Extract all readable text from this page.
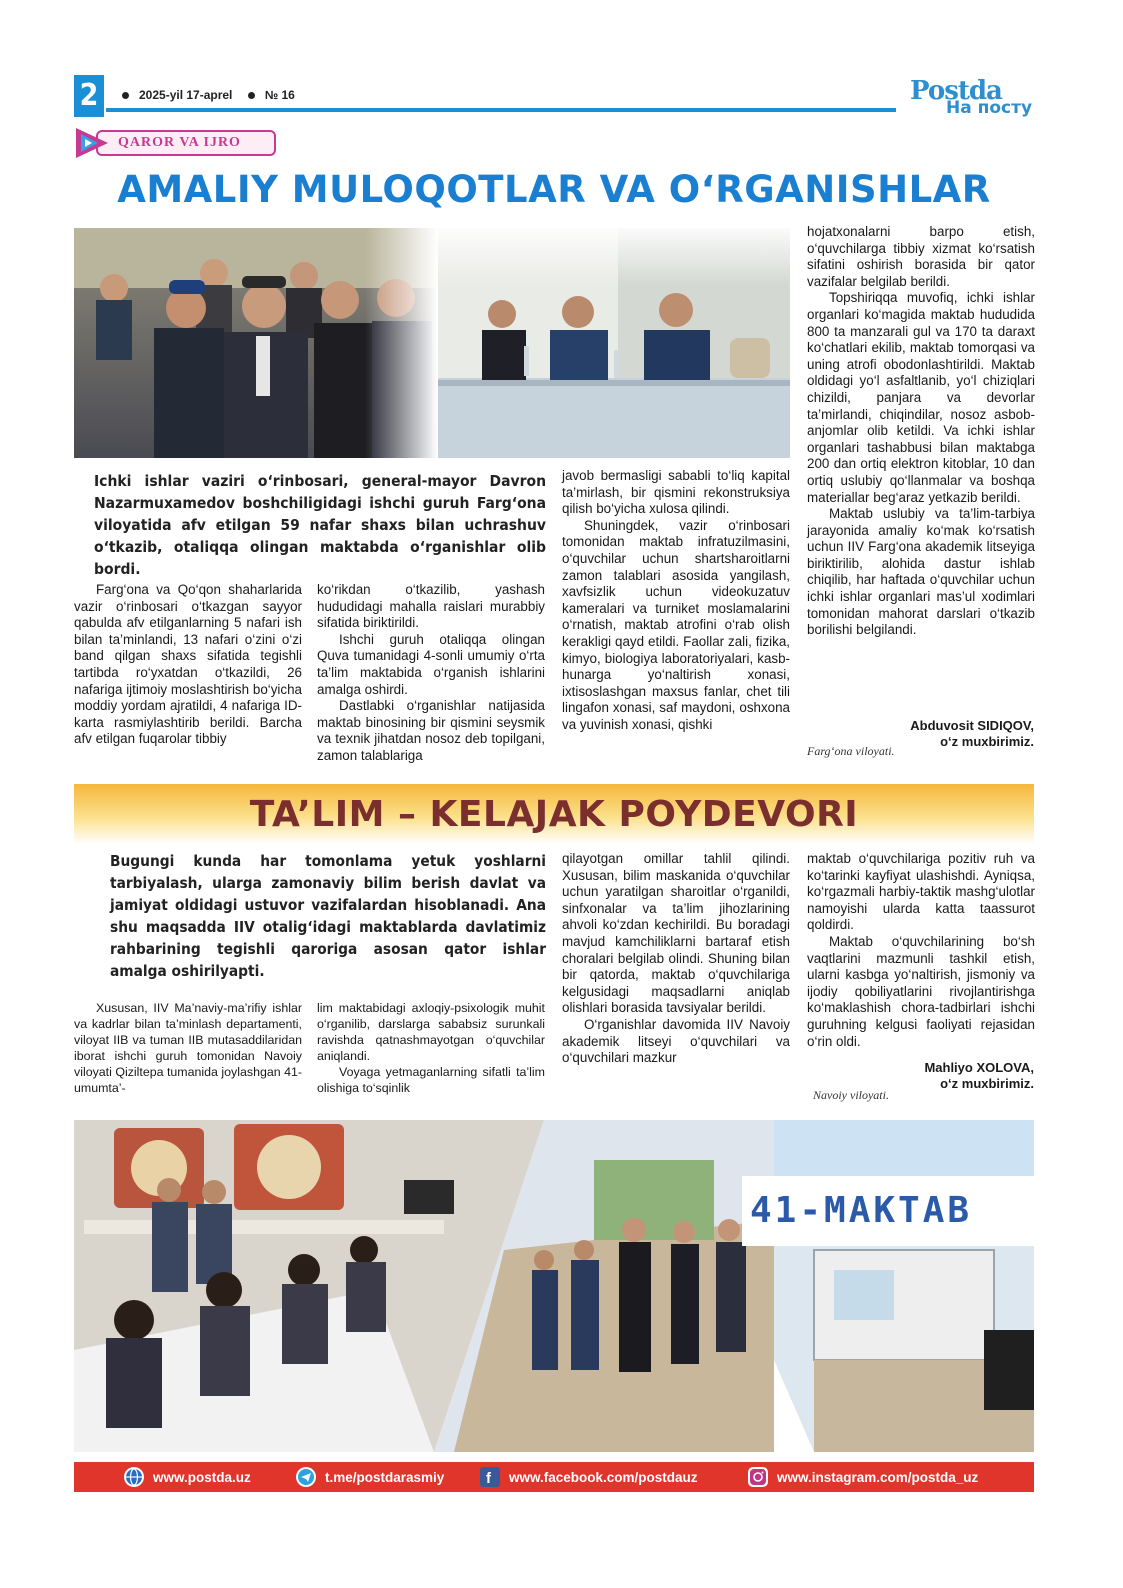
2	2025-yil 17-aprel	№ 16	Postda
На посту
QAROR VA IJRO
AMALIY MULOQOTLAR VA O‘RGANISHLAR
Ichki ishlar vaziri o‘rinbosari, general-mayor Davron Nazarmuxamedov boshchiligidagi ishchi guruh Farg‘ona viloyatida afv etilgan 59 nafar shaxs bilan uchrashuv o‘tkazib, otaliqqa olingan maktabda o‘rganishlar olib bordi.

Farg‘ona va Qo‘qon shaharlarida vazir o‘rinbosari o‘tkazgan sayyor qabulda afv etilganlarning 5 nafari ish bilan ta’minlandi, 13 nafari o‘zini o‘zi band qilgan shaxs sifatida tegishli tartibda ro‘yxatdan o‘tkazildi, 26 nafariga ijtimoiy moslashtirish bo‘yicha moddiy yordam ajratildi, 4 nafariga ID-karta rasmiylashtirib berildi. Barcha afv etilgan fuqarolar tibbiy

ko‘rikdan o‘tkazilib, yashash hududidagi mahalla raislari murabbiy sifatida biriktirildi.

Ishchi guruh otaliqqa olingan Quva tumanidagi 4-sonli umumiy o‘rta ta’lim maktabida o‘rganish ishlarini amalga oshirdi.

Dastlabki o‘rganishlar natijasida maktab binosining bir qismini seysmik va texnik jihatdan nosoz deb topilgani, zamon talablariga

javob bermasligi sababli to‘liq kapital ta’mirlash, bir qismini rekonstruksiya qilish bo‘yicha xulosa qilindi.

Shuningdek, vazir o‘rinbosari tomonidan maktab infratuzilmasini, o‘quvchilar uchun shartsharoitlarni zamon talablari asosida yangilash, xavfsizlik uchun videokuzatuv kameralari va turniket moslamalarini o‘rnatish, maktab atrofini o‘rab olish kerakligi qayd etildi. Faollar zali, fizika, kimyo, biologiya laboratoriyalari, kasb-hunarga yo‘naltirish xonasi, ixtisoslashgan maxsus fanlar, chet tili lingafon xonasi, saf maydoni, oshxona va yuvinish xonasi, qishki

hojatxonalarni barpo etish, o‘quvchilarga tibbiy xizmat ko‘rsatish sifatini oshirish borasida bir qator vazifalar belgilab berildi.

Topshiriqqa muvofiq, ichki ishlar organlari ko‘magida maktab hududida 800 ta manzarali gul va 170 ta daraxt ko‘chatlari ekilib, maktab tomorqasi va uning atrofi obodonlashtirildi. Maktab oldidagi yo‘l asfaltlanib, yo‘l chiziqlari chizildi, panjara va devorlar ta’mirlandi, chiqindilar, nosoz asbob-anjomlar olib ketildi. Va ichki ishlar organlari tashabbusi bilan maktabga 200 dan ortiq elektron kitoblar, 10 dan ortiq uslubiy qo‘llanmalar va boshqa materiallar beg‘araz yetkazib berildi.

Maktab uslubiy va ta’lim-tarbiya jarayonida amaliy ko‘mak ko‘rsatish uchun IIV Farg‘ona akademik litseyiga biriktirilib, alohida dastur ishlab chiqilib, har haftada o‘quvchilar uchun ichki ishlar organlari mas’ul xodimlari tomonidan mahorat darslari o‘tkazib borilishi belgilandi.

Abduvosit SIDIQOV,
o‘z muxbirimiz.
Farg‘ona viloyati.
TA’LIM – KELAJAK POYDEVORI
Bugungi kunda har tomonlama yetuk yoshlarni tarbiyalash, ularga zamonaviy bilim berish davlat va jamiyat oldidagi ustuvor vazifalardan hisoblanadi. Ana shu maqsadda IIV otalig‘idagi maktablarda davlatimiz rahbarining tegishli qaroriga asosan qator ishlar amalga oshirilyapti.

Xususan, IIV Ma’naviy-ma’rifiy ishlar va kadrlar bilan ta’minlash departamenti, viloyat IIB va tuman IIB mutasaddilaridan iborat ishchi guruh tomonidan Navoiy viloyati Qiziltepa tumanida joylashgan 41-umumta’-

lim maktabidagi axloqiy-psixologik muhit o‘rganilib, darslarga sababsiz surunkali ravishda qatnashmayotgan o‘quvchilar aniqlandi.

Voyaga yetmaganlarning sifatli ta’lim olishiga to‘sqinlik

qilayotgan omillar tahlil qilindi. Xususan, bilim maskanida o‘quvchilar uchun yaratilgan sharoitlar o‘rganildi, sinfxonalar va ta’lim jihozlarining ahvoli ko‘zdan kechirildi. Bu boradagi mavjud kamchiliklarni bartaraf etish choralari belgilab olindi. Shuning bilan bir qatorda, maktab o‘quvchilariga kelgusidagi maqsadlarni aniqlab olishlari borasida tavsiyalar berildi.

O‘rganishlar davomida IIV Navoiy akademik litseyi o‘quvchilari va o‘quvchilari mazkur

maktab o‘quvchilariga pozitiv ruh va ko‘tarinki kayfiyat ulashishdi. Ayniqsa, ko‘rgazmali harbiy-taktik mashg‘ulotlar namoyishi ularda katta taassurot qoldirdi.

Maktab o‘quvchilarining bo‘sh vaqtlarini mazmunli tashkil etish, ularni kasbga yo‘naltirish, jismoniy va ijodiy qobiliyatlarini rivojlantirishga ko‘maklashish chora-tadbirlari ishchi guruhning kelgusi faoliyati rejasidan o‘rin oldi.

Mahliyo XOLOVA,
o‘z muxbirimiz.
Navoiy viloyati.
41-MAKTAB
www.postda.uz	t.me/postdarasmiy	f www.facebook.com/postdauz	www.instagram.com/postda_uz
